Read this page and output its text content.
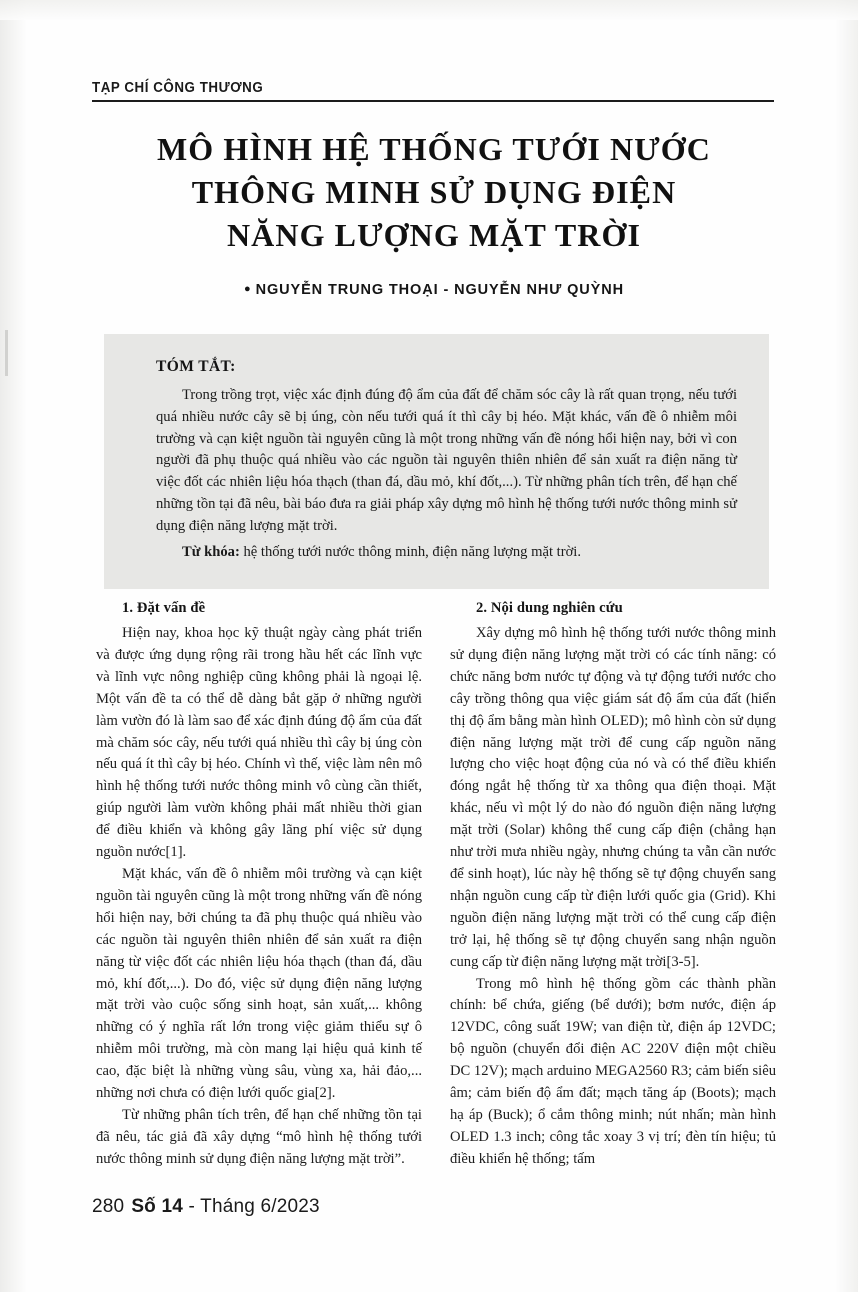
TẠP CHÍ CÔNG THƯƠNG
MÔ HÌNH HỆ THỐNG TƯỚI NƯỚC
THÔNG MINH SỬ DỤNG ĐIỆN
NĂNG LƯỢNG MẶT TRỜI
● NGUYỄN TRUNG THOẠI - NGUYỄN NHƯ QUỲNH
TÓM TẮT:
Trong trồng trọt, việc xác định đúng độ ẩm của đất để chăm sóc cây là rất quan trọng, nếu tưới quá nhiều nước cây sẽ bị úng, còn nếu tưới quá ít thì cây bị héo. Mặt khác, vấn đề ô nhiễm môi trường và cạn kiệt nguồn tài nguyên cũng là một trong những vấn đề nóng hổi hiện nay, bởi vì con người đã phụ thuộc quá nhiều vào các nguồn tài nguyên thiên nhiên để sản xuất ra điện năng từ việc đốt các nhiên liệu hóa thạch (than đá, dầu mỏ, khí đốt,...). Từ những phân tích trên, để hạn chế những tồn tại đã nêu, bài báo đưa ra giải pháp xây dựng mô hình hệ thống tưới nước thông minh sử dụng điện năng lượng mặt trời.
Từ khóa: hệ thống tưới nước thông minh, điện năng lượng mặt trời.
1. Đặt vấn đề

Hiện nay, khoa học kỹ thuật ngày càng phát triển và được ứng dụng rộng rãi trong hầu hết các lĩnh vực và lĩnh vực nông nghiệp cũng không phải là ngoại lệ. Một vấn đề ta có thể dễ dàng bắt gặp ở những người làm vườn đó là làm sao để xác định đúng độ ẩm của đất mà chăm sóc cây, nếu tưới quá nhiều thì cây bị úng còn nếu quá ít thì cây bị héo. Chính vì thế, việc làm nên mô hình hệ thống tưới nước thông minh vô cùng cần thiết, giúp người làm vườn không phải mất nhiều thời gian để điều khiển và không gây lãng phí việc sử dụng nguồn nước[1].

Mặt khác, vấn đề ô nhiễm môi trường và cạn kiệt nguồn tài nguyên cũng là một trong những vấn đề nóng hổi hiện nay, bởi chúng ta đã phụ thuộc quá nhiều vào các nguồn tài nguyên thiên nhiên để sản xuất ra điện năng từ việc đốt các nhiên liệu hóa thạch (than đá, dầu mỏ, khí đốt,...). Do đó, việc sử dụng điện năng lượng mặt trời vào cuộc sống sinh hoạt, sản xuất,... không những có ý nghĩa rất lớn trong việc giảm thiểu sự ô nhiễm môi trường, mà còn mang lại hiệu quả kinh tế cao, đặc biệt là những vùng sâu, vùng xa, hải đảo,... những nơi chưa có điện lưới quốc gia[2].

Từ những phân tích trên, để hạn chế những tồn tại đã nêu, tác giả đã xây dựng “mô hình hệ thống tưới nước thông minh sử dụng điện năng lượng mặt trời”.

2. Nội dung nghiên cứu

Xây dựng mô hình hệ thống tưới nước thông minh sử dụng điện năng lượng mặt trời có các tính năng: có chức năng bơm nước tự động và tự động tưới nước cho cây trồng thông qua việc giám sát độ ẩm của đất (hiển thị độ ẩm bằng màn hình OLED); mô hình còn sử dụng điện năng lượng mặt trời để cung cấp nguồn năng lượng cho việc hoạt động của nó và có thể điều khiển đóng ngắt hệ thống từ xa thông qua điện thoại. Mặt khác, nếu vì một lý do nào đó nguồn điện năng lượng mặt trời (Solar) không thể cung cấp điện (chẳng hạn như trời mưa nhiều ngày, nhưng chúng ta vẫn cần nước để sinh hoạt), lúc này hệ thống sẽ tự động chuyển sang nhận nguồn cung cấp từ điện lưới quốc gia (Grid). Khi nguồn điện năng lượng mặt trời có thể cung cấp điện trở lại, hệ thống sẽ tự động chuyển sang nhận nguồn cung cấp từ điện năng lượng mặt trời[3-5].

Trong mô hình hệ thống gồm các thành phần chính: bể chứa, giếng (bể dưới); bơm nước, điện áp 12VDC, công suất 19W; van điện từ, điện áp 12VDC; bộ nguồn (chuyển đổi điện AC 220V điện một chiều DC 12V); mạch arduino MEGA2560 R3; cảm biến siêu âm; cảm biến độ ẩm đất; mạch tăng áp (Boots); mạch hạ áp (Buck); ổ cắm thông minh; nút nhấn; màn hình OLED 1.3 inch; công tắc xoay 3 vị trí; đèn tín hiệu; tủ điều khiển hệ thống; tấm

280 Số 14 - Tháng 6/2023
